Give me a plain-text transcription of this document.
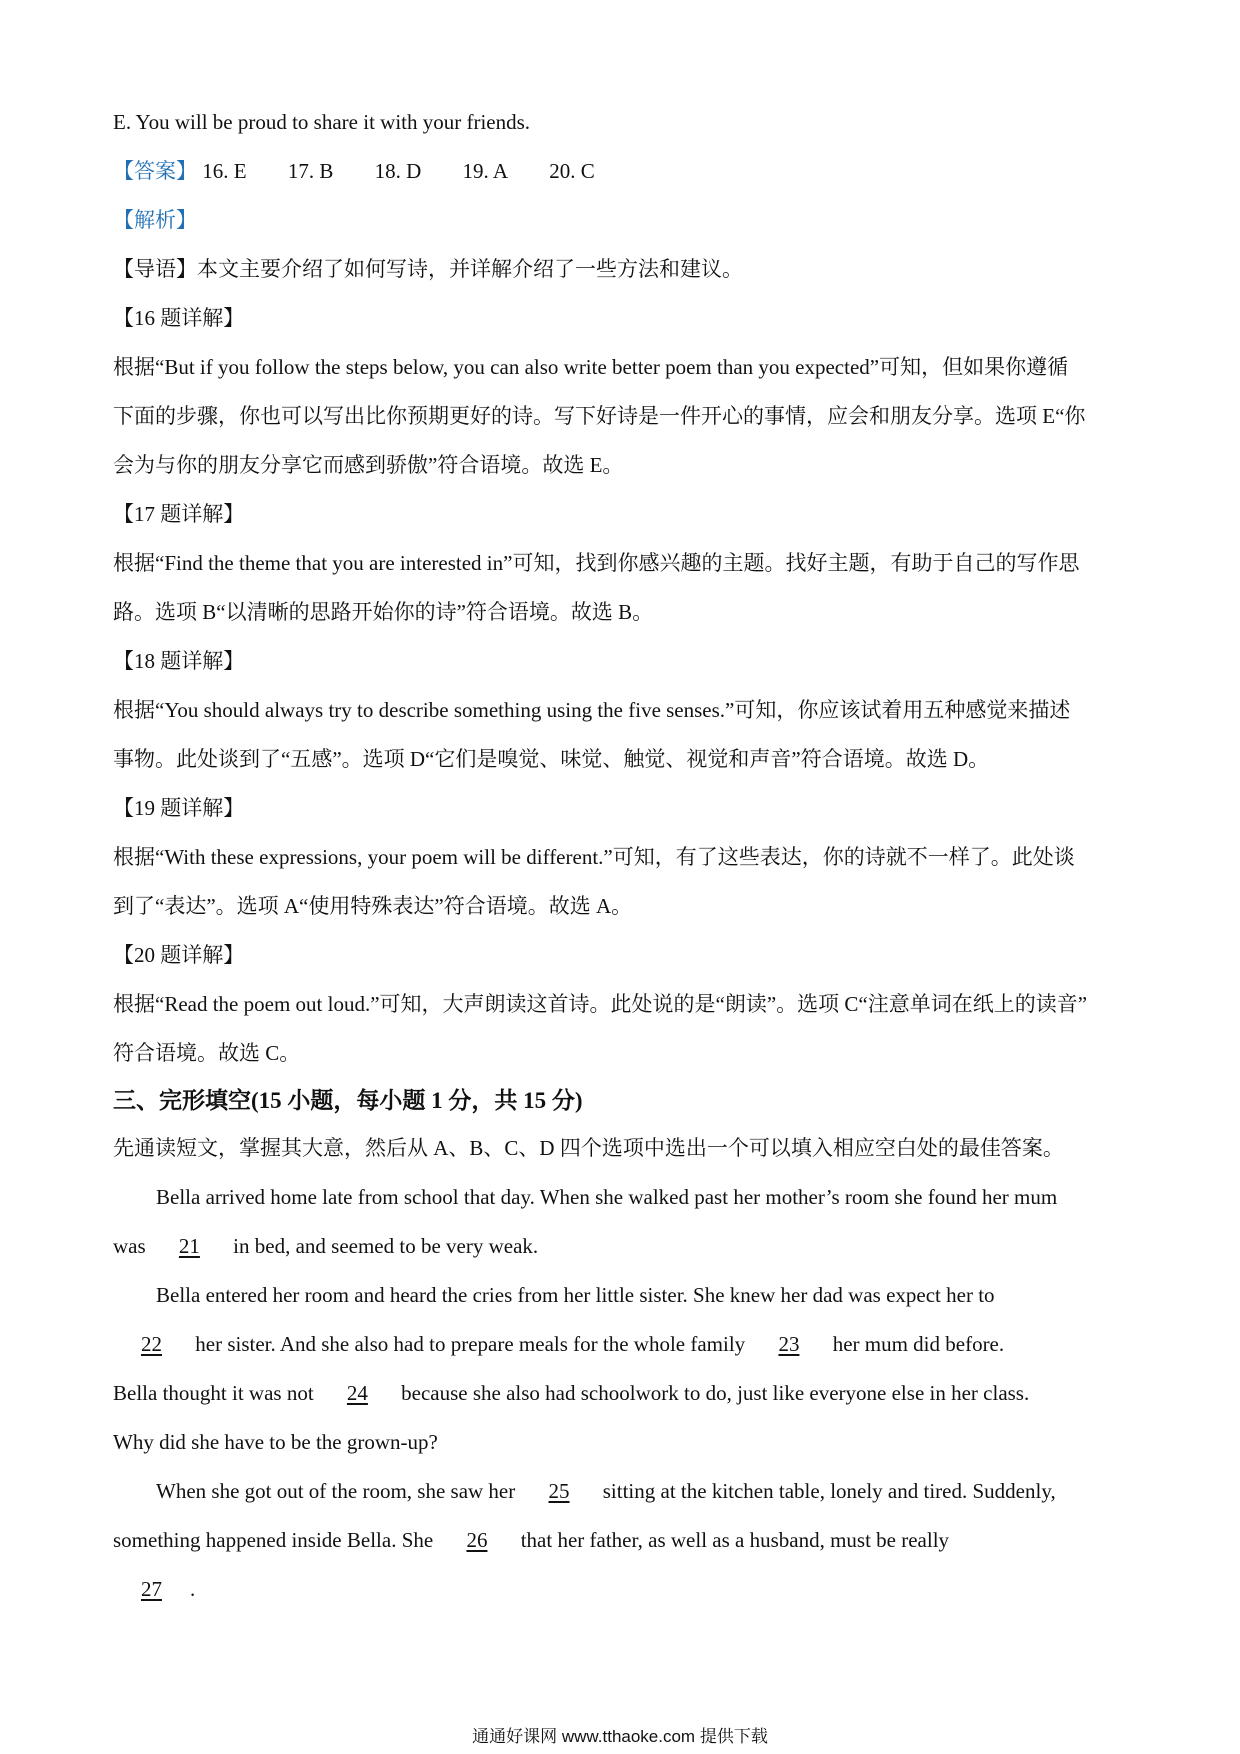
E. You will be proud to share it with your friends.
【答案】 16. E 17. B 18. D 19. A 20. C
【解析】
【导语】本文主要介绍了如何写诗，并详解介绍了一些方法和建议。
【16 题详解】
根据“But if you follow the steps below, you can also write better poem than you expected”可知，但如果你遵循
下面的步骤，你也可以写出比你预期更好的诗。写下好诗是一件开心的事情，应会和朋友分享。选项 E“你
会为与你的朋友分享它而感到骄傲”符合语境。故选 E。
【17 题详解】
根据“Find the theme that you are interested in”可知，找到你感兴趣的主题。找好主题，有助于自己的写作思
路。选项 B“以清晰的思路开始你的诗”符合语境。故选 B。
【18 题详解】
根据“You should always try to describe something using the five senses.”可知，你应该试着用五种感觉来描述
事物。此处谈到了“五感”。选项 D“它们是嗅觉、味觉、触觉、视觉和声音”符合语境。故选 D。
【19 题详解】
根据“With these expressions, your poem will be different.”可知，有了这些表达，你的诗就不一样了。此处谈
到了“表达”。选项 A“使用特殊表达”符合语境。故选 A。
【20 题详解】
根据“Read the poem out loud.”可知，大声朗读这首诗。此处说的是“朗读”。选项 C“注意单词在纸上的读音”
符合语境。故选 C。
三、完形填空(15 小题，每小题 1 分，共 15 分)
先通读短文，掌握其大意，然后从 A、B、C、D 四个选项中选出一个可以填入相应空白处的最佳答案。
Bella arrived home late from school that day. When she walked past her mother’s room she found her mum
was 21 in bed, and seemed to be very weak.
Bella entered her room and heard the cries from her little sister. She knew her dad was expect her to
22 her sister. And she also had to prepare meals for the whole family 23 her mum did before.
Bella thought it was not 24 because she also had schoolwork to do, just like everyone else in her class.
Why did she have to be the grown-up?
When she got out of the room, she saw her 25 sitting at the kitchen table, lonely and tired. Suddenly,
something happened inside Bella. She 26 that her father, as well as a husband, must be really
27 .
通通好课网 www.tthaoke.com 提供下载
